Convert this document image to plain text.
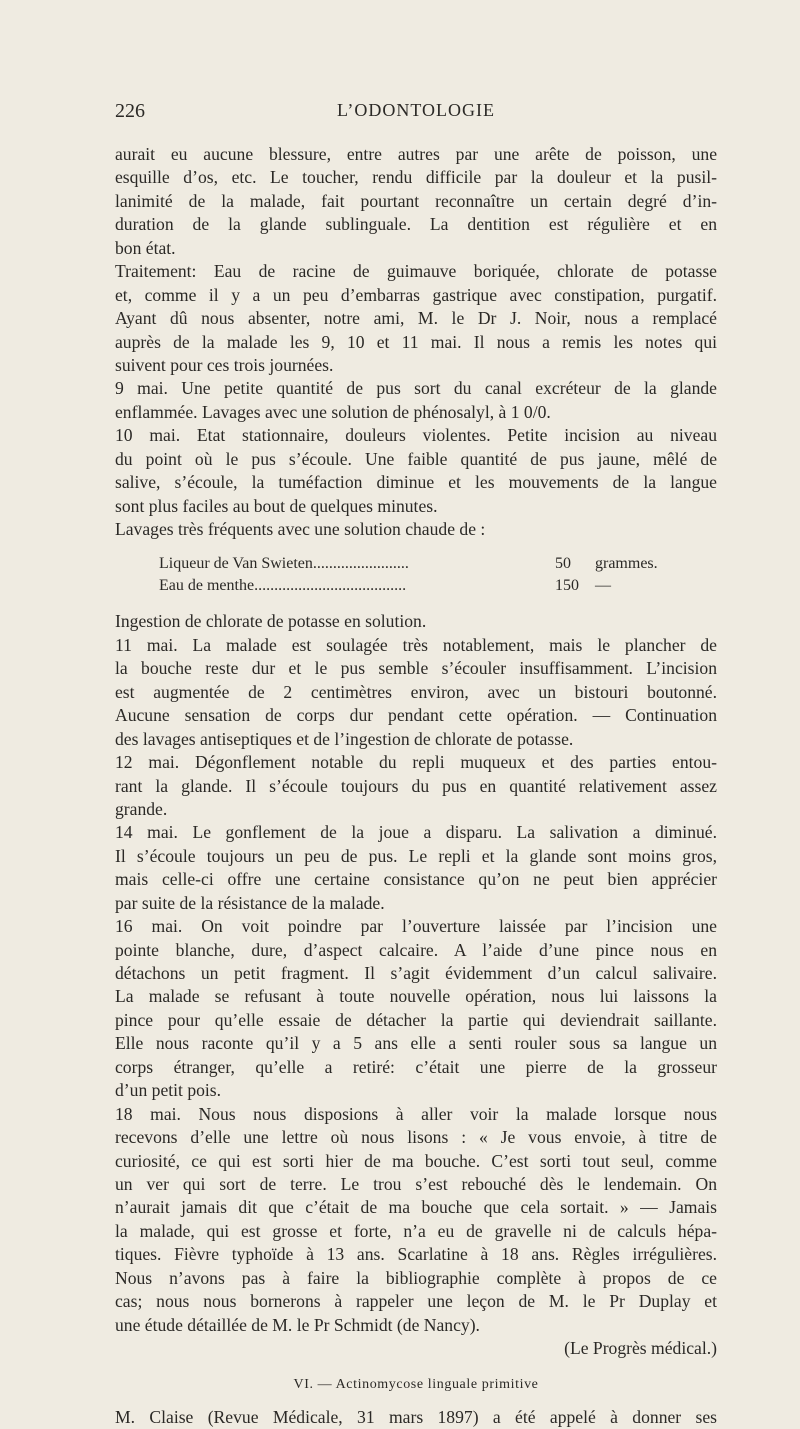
226	L’ODONTOLOGIE
aurait eu aucune blessure, entre autres par une arête de poisson, une
esquille d’os, etc. Le toucher, rendu difficile par la douleur et la pusil-
lanimité de la malade, fait pourtant reconnaître un certain degré d’in-
duration de la glande sublinguale. La dentition est régulière et en
bon état.
Traitement: Eau de racine de guimauve boriquée, chlorate de potasse
et, comme il y a un peu d’embarras gastrique avec constipation, purgatif.
Ayant dû nous absenter, notre ami, M. le Dr J. Noir, nous a remplacé
auprès de la malade les 9, 10 et 11 mai. Il nous a remis les notes qui
suivent pour ces trois journées.
9 mai. Une petite quantité de pus sort du canal excréteur de la glande
enflammée. Lavages avec une solution de phénosalyl, à 1 0/0.
10 mai. Etat stationnaire, douleurs violentes. Petite incision au niveau
du point où le pus s’écoule. Une faible quantité de pus jaune, mêlé de
salive, s’écoule, la tuméfaction diminue et les mouvements de la langue
sont plus faciles au bout de quelques minutes.
Lavages très fréquents avec une solution chaude de :
Liqueur de Van Swieten........................	50 grammes.
Eau de menthe......................................	150 —
Ingestion de chlorate de potasse en solution.
11 mai. La malade est soulagée très notablement, mais le plancher de
la bouche reste dur et le pus semble s’écouler insuffisamment. L’incision
est augmentée de 2 centimètres environ, avec un bistouri boutonné.
Aucune sensation de corps dur pendant cette opération. — Continuation
des lavages antiseptiques et de l’ingestion de chlorate de potasse.
12 mai. Dégonflement notable du repli muqueux et des parties entou-
rant la glande. Il s’écoule toujours du pus en quantité relativement assez
grande.
14 mai. Le gonflement de la joue a disparu. La salivation a diminué.
Il s’écoule toujours un peu de pus. Le repli et la glande sont moins gros,
mais celle-ci offre une certaine consistance qu’on ne peut bien apprécier
par suite de la résistance de la malade.
16 mai. On voit poindre par l’ouverture laissée par l’incision une
pointe blanche, dure, d’aspect calcaire. A l’aide d’une pince nous en
détachons un petit fragment. Il s’agit évidemment d’un calcul salivaire.
La malade se refusant à toute nouvelle opération, nous lui laissons la
pince pour qu’elle essaie de détacher la partie qui deviendrait saillante.
Elle nous raconte qu’il y a 5 ans elle a senti rouler sous sa langue un
corps étranger, qu’elle a retiré: c’était une pierre de la grosseur
d’un petit pois.
18 mai. Nous nous disposions à aller voir la malade lorsque nous
recevons d’elle une lettre où nous lisons : « Je vous envoie, à titre de
curiosité, ce qui est sorti hier de ma bouche. C’est sorti tout seul, comme
un ver qui sort de terre. Le trou s’est rebouché dès le lendemain. On
n’aurait jamais dit que c’était de ma bouche que cela sortait. » — Jamais
la malade, qui est grosse et forte, n’a eu de gravelle ni de calculs hépa-
tiques. Fièvre typhoïde à 13 ans. Scarlatine à 18 ans. Règles irrégulières.
Nous n’avons pas à faire la bibliographie complète à propos de ce
cas; nous nous bornerons à rappeler une leçon de M. le Pr Duplay et
une étude détaillée de M. le Pr Schmidt (de Nancy).
(Le Progrès médical.)
VI. — Actinomycose linguale primitive
M. Claise (Revue Médicale, 31 mars 1897) a été appelé à donner ses
